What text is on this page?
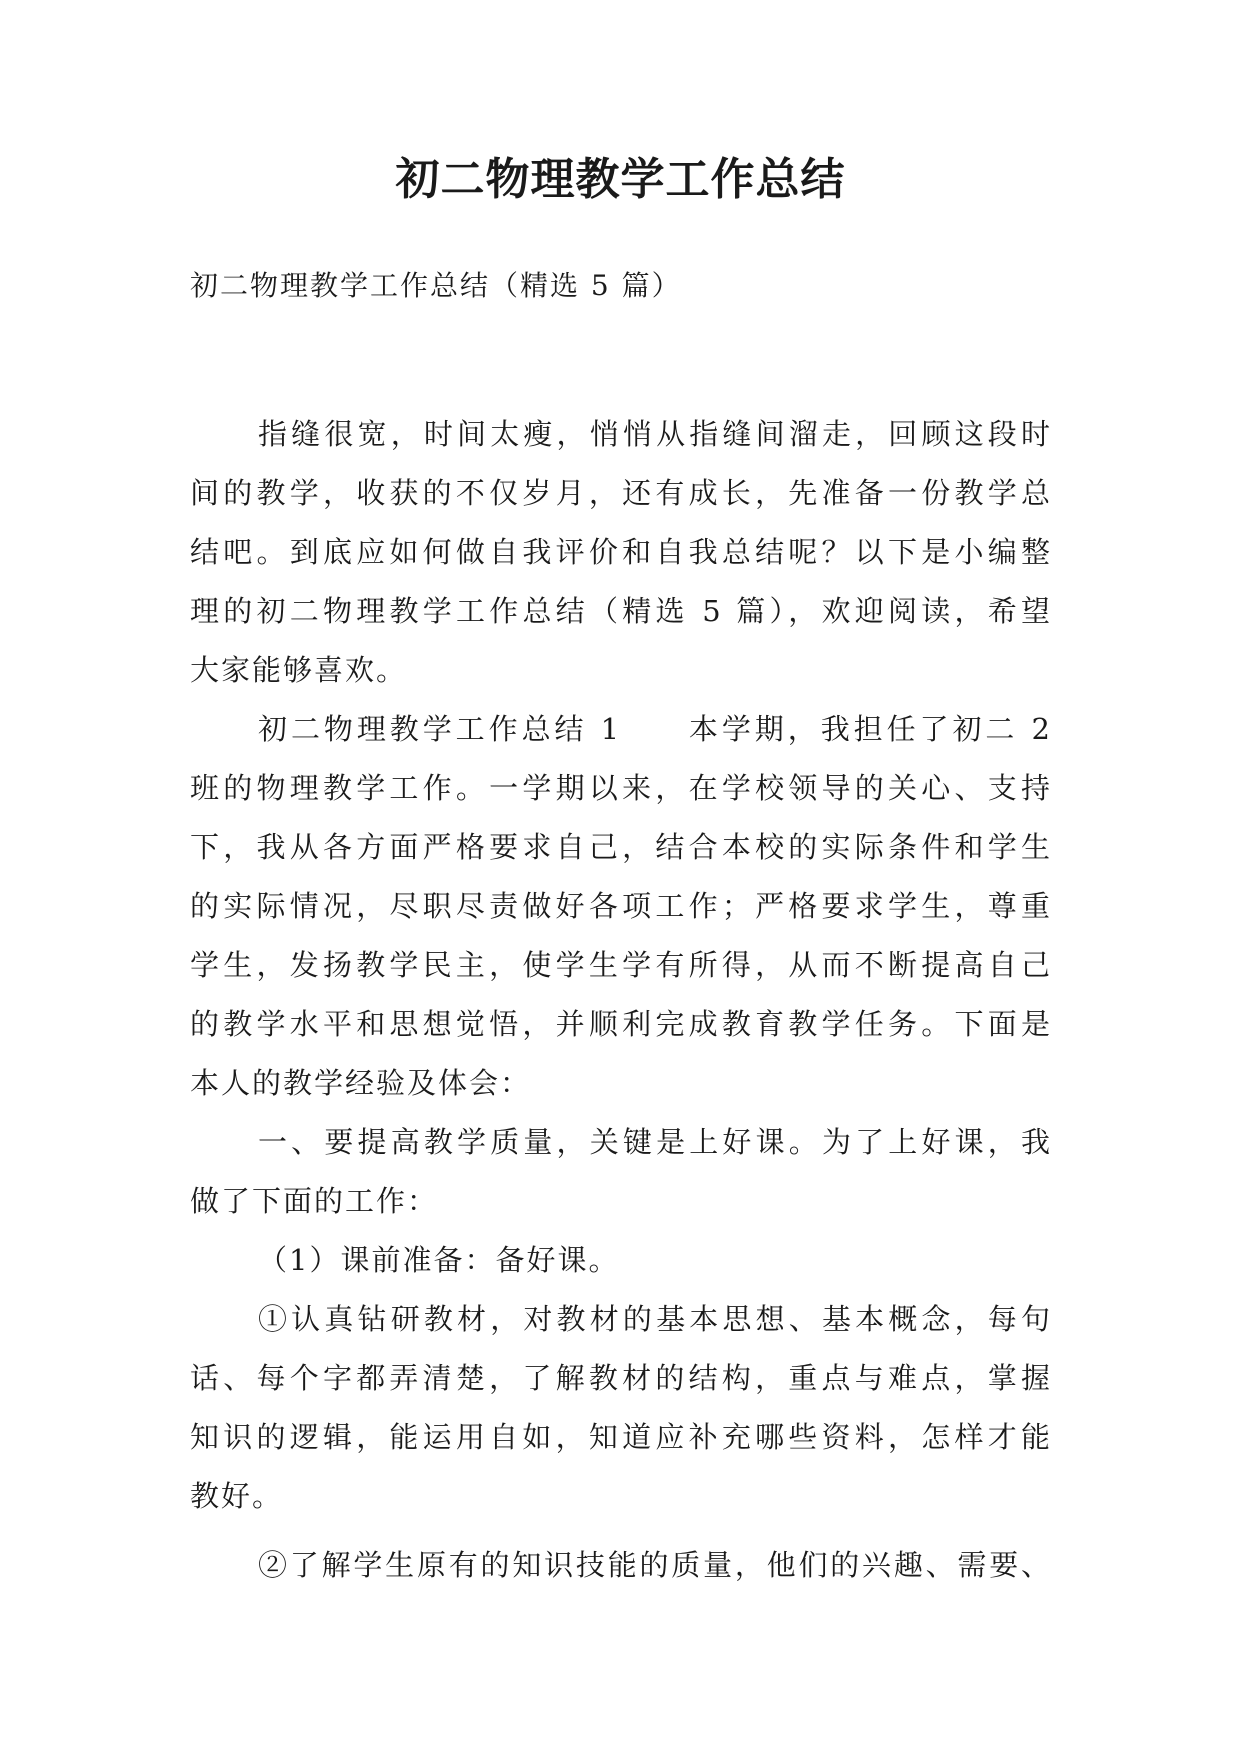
初二物理教学工作总结

初二物理教学工作总结（精选 5 篇）

指缝很宽，时间太瘦，悄悄从指缝间溜走，回顾这段时
间的教学，收获的不仅岁月，还有成长，先准备一份教学总
结吧。到底应如何做自我评价和自我总结呢？以下是小编整
理的初二物理教学工作总结（精选 5 篇），欢迎阅读，希望
大家能够喜欢。
初二物理教学工作总结 1　　本学期，我担任了初二 2
班的物理教学工作。一学期以来，在学校领导的关心、支持
下，我从各方面严格要求自己，结合本校的实际条件和学生
的实际情况，尽职尽责做好各项工作；严格要求学生，尊重
学生，发扬教学民主，使学生学有所得，从而不断提高自己
的教学水平和思想觉悟，并顺利完成教育教学任务。下面是
本人的教学经验及体会：
一、要提高教学质量，关键是上好课。为了上好课，我
做了下面的工作：
（1）课前准备：备好课。
①认真钻研教材，对教材的基本思想、基本概念，每句
话、每个字都弄清楚，了解教材的结构，重点与难点，掌握
知识的逻辑，能运用自如，知道应补充哪些资料，怎样才能
教好。
②了解学生原有的知识技能的质量，他们的兴趣、需要、
